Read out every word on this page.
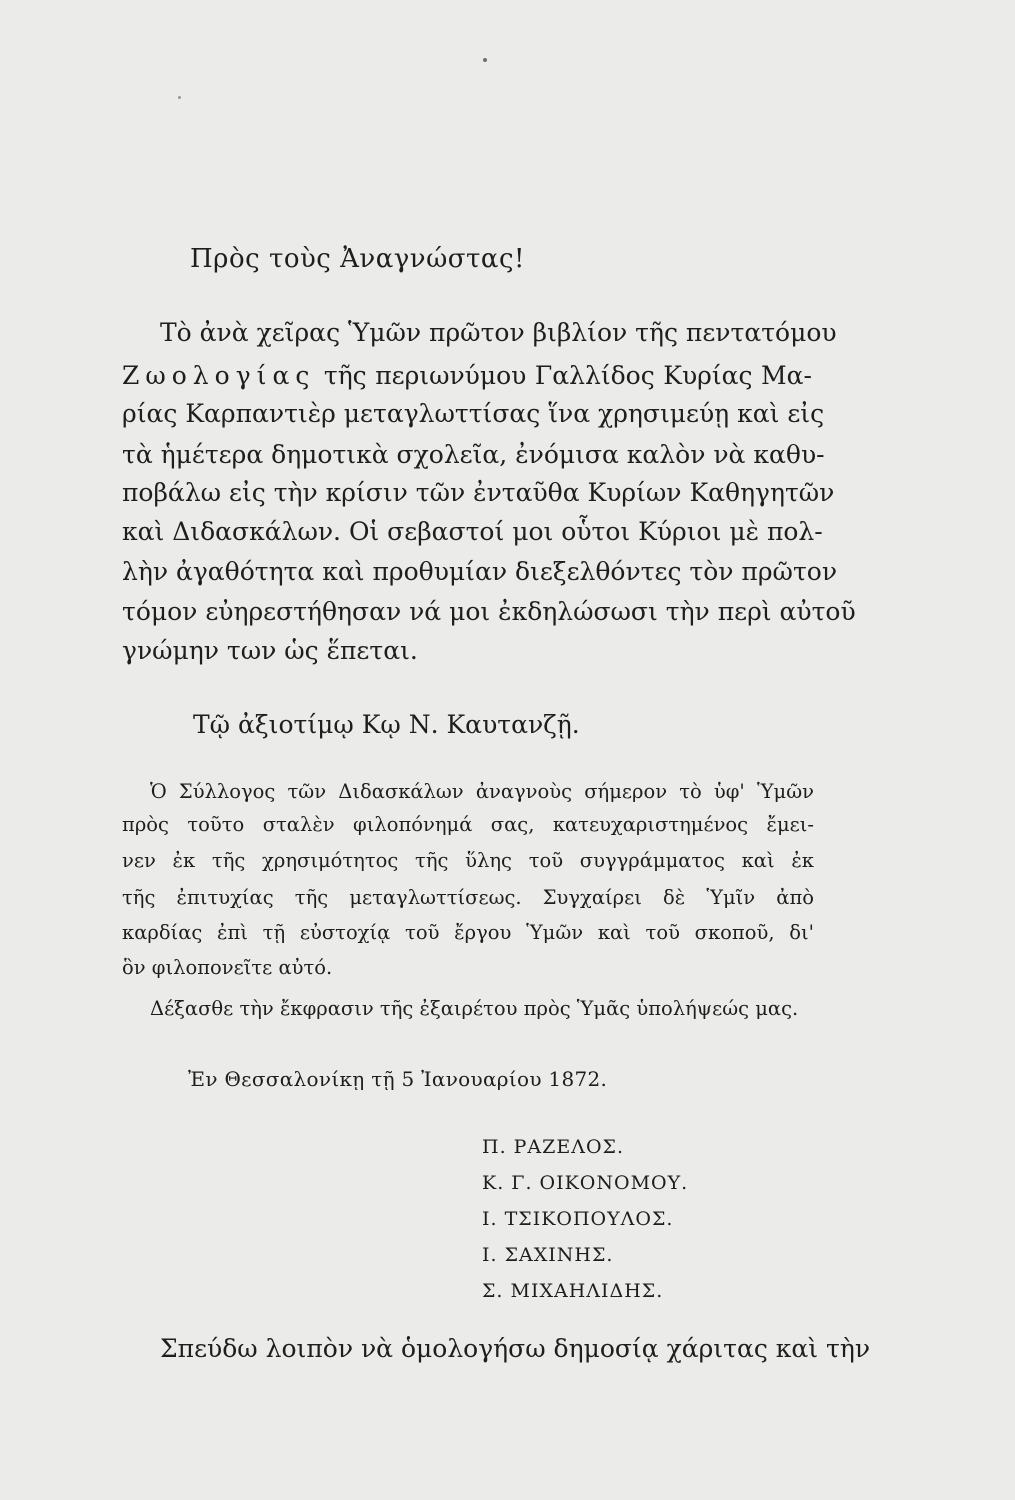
Πρὸς τοὺς Ἀναγνώστας!
Τὸ ἀνὰ χεῖρας Ὑμῶν πρῶτον βιβλίον τῆς πεντατόμου
Ζωολογίας τῆς περιωνύμου Γαλλίδος Κυρίας Μα-
ρίας Καρπαντιὲρ μεταγλωττίσας ἵνα χρησιμεύῃ καὶ εἰς
τὰ ἡμέτερα δημοτικὰ σχολεῖα, ἐνόμισα καλὸν νὰ καθυ-
ποβάλω εἰς τὴν κρίσιν τῶν ἐνταῦθα Κυρίων Καθηγητῶν
καὶ Διδασκάλων. Οἱ σεβαστοί μοι οὗτοι Κύριοι μὲ πολ-
λὴν ἀγαθότητα καὶ προθυμίαν διεξελθόντες τὸν πρῶτον
τόμον εὐηρεστήθησαν νά μοι ἐκδηλώσωσι τὴν περὶ αὐτοῦ
γνώμην των ὡς ἕπεται.
Τῷ ἀξιοτίμῳ Κῳ Ν. Καυτανζῇ.
Ὁ Σύλλογος τῶν Διδασκάλων ἀναγνοὺς σήμερον τὸ ὑφ' Ὑμῶν
πρὸς τοῦτο σταλὲν φιλοπόνημά σας, κατευχαριστημένος ἔμει-
νεν ἐκ τῆς χρησιμότητος τῆς ὕλης τοῦ συγγράμματος καὶ ἐκ
τῆς ἐπιτυχίας τῆς μεταγλωττίσεως. Συγχαίρει δὲ Ὑμῖν ἀπὸ
καρδίας ἐπὶ τῇ εὐστοχίᾳ τοῦ ἔργου Ὑμῶν καὶ τοῦ σκοποῦ, δι'
ὃν φιλοπονεῖτε αὐτό.
Δέξασθε τὴν ἔκφρασιν τῆς ἐξαιρέτου πρὸς Ὑμᾶς ὑπολήψεώς μας.
Ἐν Θεσσαλονίκῃ τῇ 5 Ἰανουαρίου 1872.
Π. ΡΑΖΕΛΟΣ.
Κ. Γ. ΟΙΚΟΝΟΜΟΥ.
Ι. ΤΣΙΚΟΠΟΥΛΟΣ.
Ι. ΣΑΧΙΝΗΣ.
Σ. ΜΙΧΑΗΛΙΔΗΣ.
Σπεύδω λοιπὸν νὰ ὁμολογήσω δημοσίᾳ χάριτας καὶ τὴν
